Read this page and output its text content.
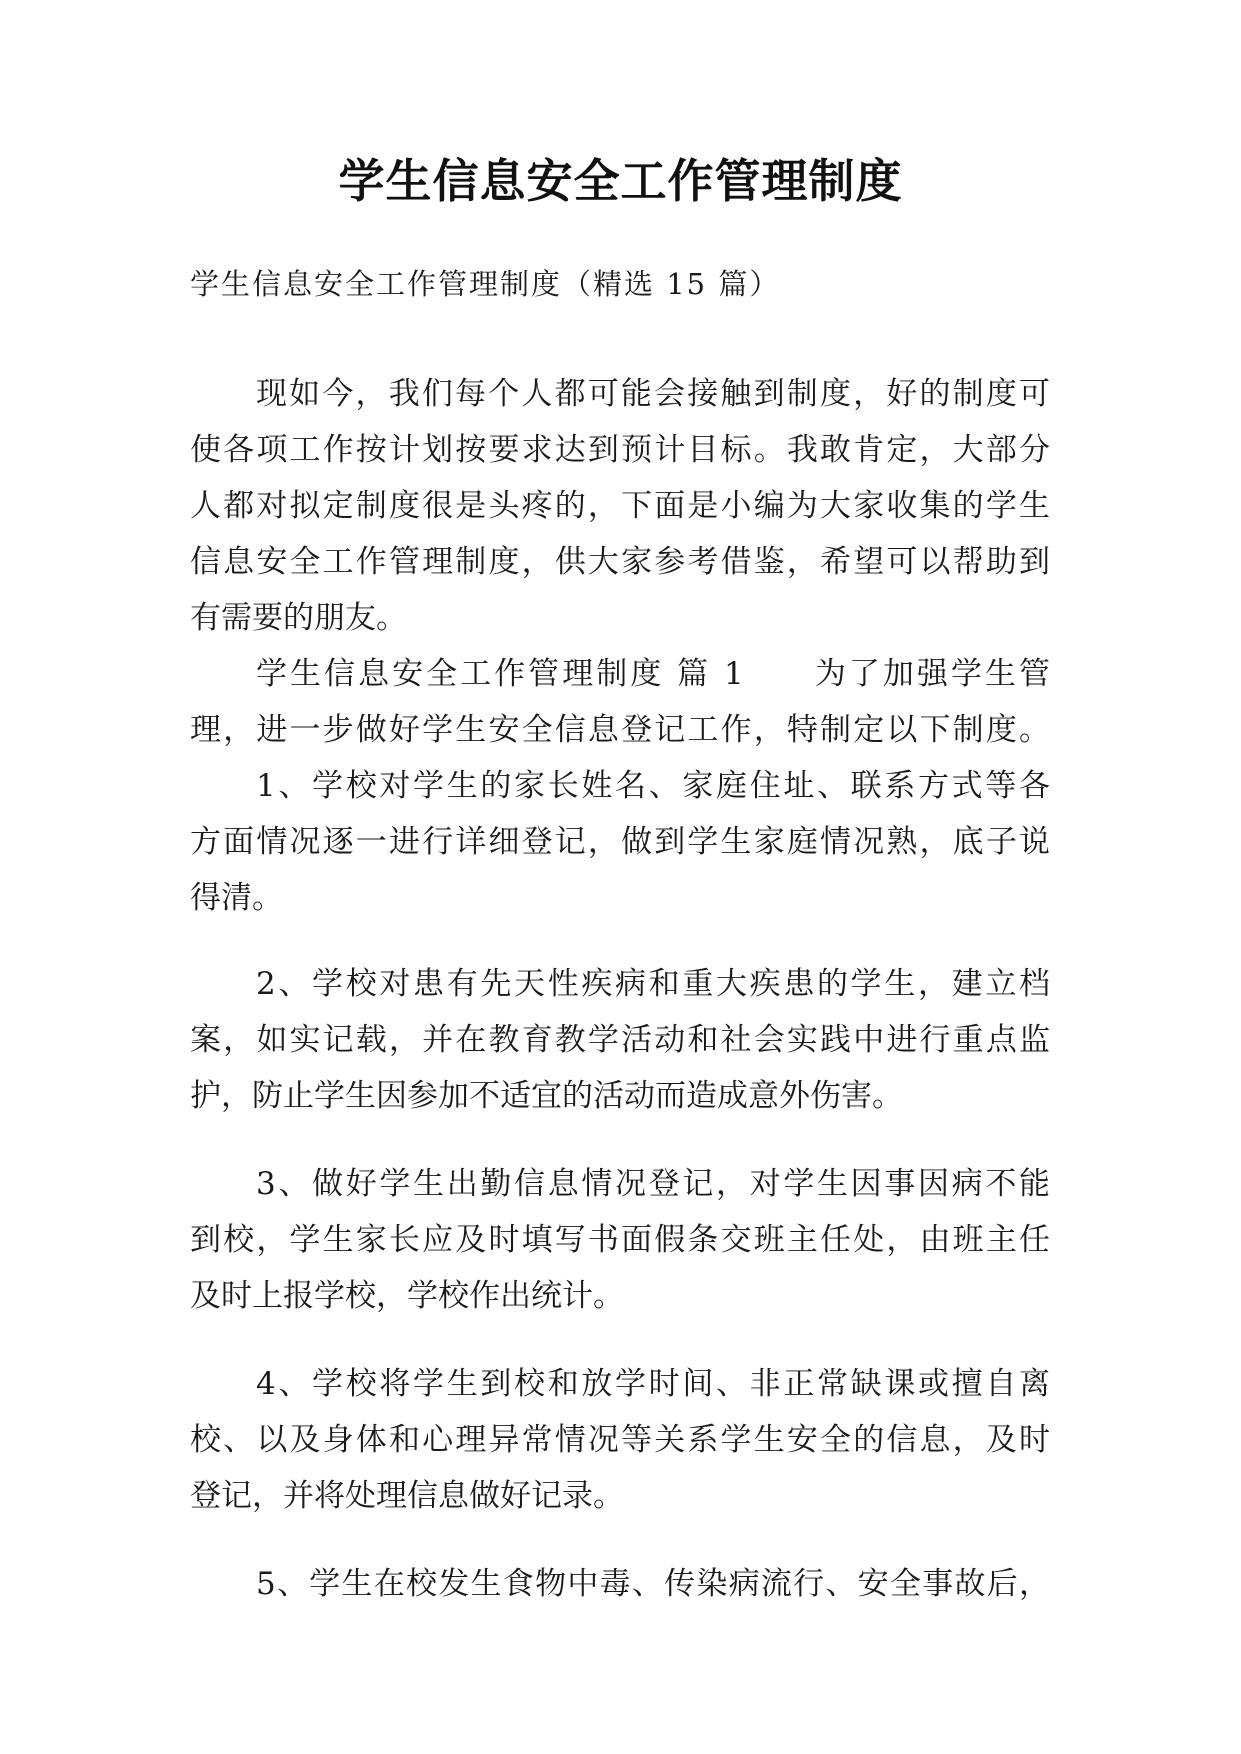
学生信息安全工作管理制度
学生信息安全工作管理制度（精选 15 篇）
现如今，我们每个人都可能会接触到制度，好的制度可
使各项工作按计划按要求达到预计目标。我敢肯定，大部分
人都对拟定制度很是头疼的，下面是小编为大家收集的学生
信息安全工作管理制度，供大家参考借鉴，希望可以帮助到
有需要的朋友。
学生信息安全工作管理制度 篇 1　　为了加强学生管
理，进一步做好学生安全信息登记工作，特制定以下制度。
1、学校对学生的家长姓名、家庭住址、联系方式等各
方面情况逐一进行详细登记，做到学生家庭情况熟，底子说
得清。
2、学校对患有先天性疾病和重大疾患的学生，建立档
案，如实记载，并在教育教学活动和社会实践中进行重点监
护，防止学生因参加不适宜的活动而造成意外伤害。
3、做好学生出勤信息情况登记，对学生因事因病不能
到校，学生家长应及时填写书面假条交班主任处，由班主任
及时上报学校，学校作出统计。
4、学校将学生到校和放学时间、非正常缺课或擅自离
校、以及身体和心理异常情况等关系学生安全的信息，及时
登记，并将处理信息做好记录。
5、学生在校发生食物中毒、传染病流行、安全事故后，
